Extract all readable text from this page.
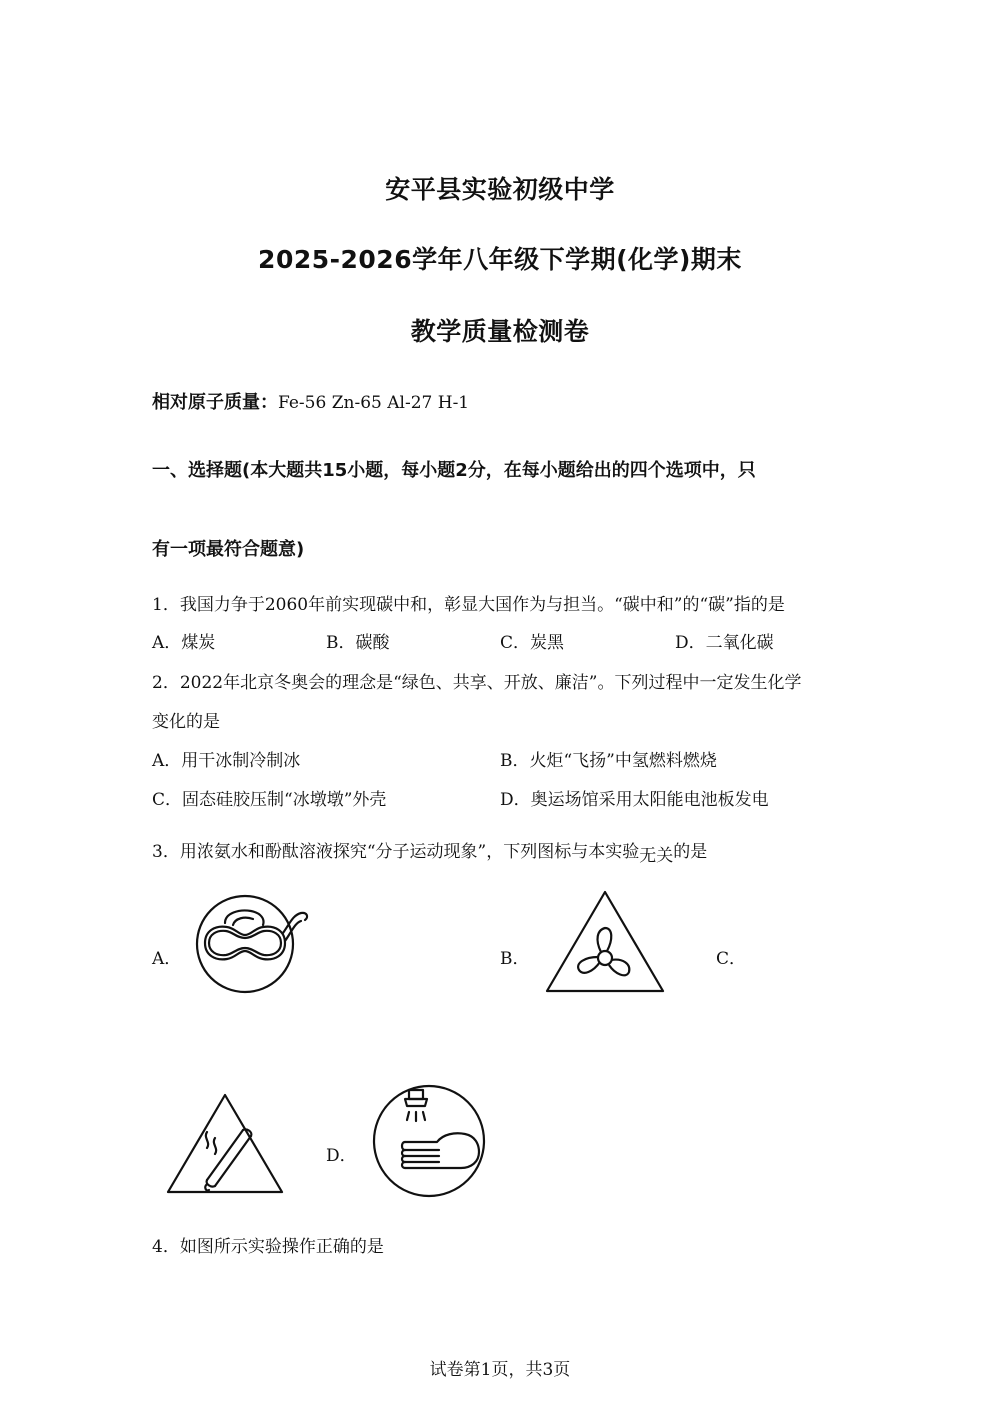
安平县实验初级中学
2025-2026学年八年级下学期(化学)期末
教学质量检测卷
相对原子质量：Fe-56 Zn-65 Al-27 H-1
一、选择题(本大题共15小题，每小题2分，在每小题给出的四个选项中，只
有一项最符合题意)
1．我国力争于2060年前实现碳中和，彰显大国作为与担当。“碳中和”的“碳”指的是
A．煤炭	B．碳酸	C．炭黑	D．二氧化碳
2．2022年北京冬奥会的理念是“绿色、共享、开放、廉洁”。下列过程中一定发生化学
变化的是
A．用干冰制冷制冰	B．火炬“飞扬”中氢燃料燃烧
C．固态硅胶压制“冰墩墩”外壳	D．奥运场馆采用太阳能电池板发电
3．用浓氨水和酚酞溶液探究“分子运动现象”，下列图标与本实验无关的是
A．	B．	C．
D．
4．如图所示实验操作正确的是
试卷第1页，共3页
